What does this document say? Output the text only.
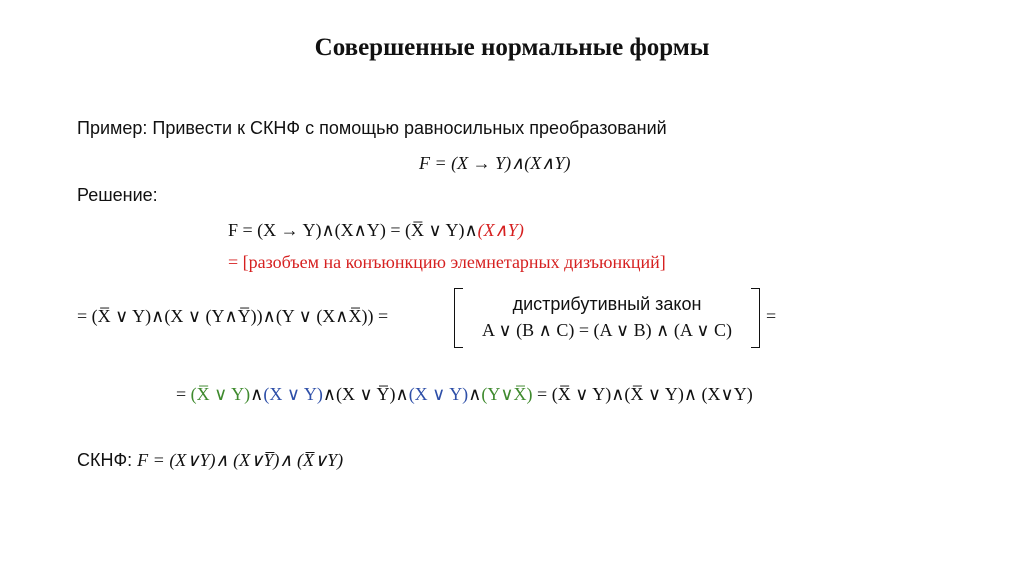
Совершенные нормальные формы
Пример: Привести к СКНФ с помощью равносильных преобразований
F = (X → Y)∧(X∧Y)
Решение:
F = (X → Y)∧(X∧Y) = (X̅ ∨ Y)∧(X∧Y)
= [разобъем на конъюнкцию элемнетарных дизъюнкций]
= (X̅ ∨ Y)∧(X ∨ (Y∧Y̅))∧(Y ∨ (X∧X̅)) =
дистрибутивный закон
A ∨ (B ∧ C) = (A ∨ B) ∧ (A ∨ C)
=
= (X̅ ∨ Y)∧(X ∨ Y)∧(X ∨ Y̅)∧(X ∨ Y)∧(Y∨X̅) = (X̅ ∨ Y)∧(X̅ ∨ Y)∧ (X∨Y)
СКНФ: F = (X∨Y)∧ (X∨Y̅)∧ (X̅∨Y)
